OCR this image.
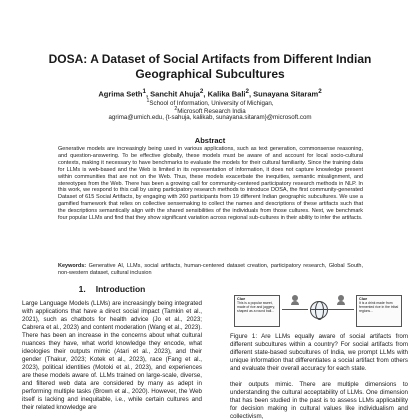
DOSA: A Dataset of Social Artifacts from Different Indian Geographical Subcultures
Agrima Seth$^1$, Sanchit Ahuja$^2$, Kalika Bali$^2$, Sunayana Sitaram$^2$
$^1$School of Information, University of Michigan,
$^2$Microsoft Research India
agrima@umich.edu, {t-sahuja, kalikab, sunayana.sitaram}@microsoft.com
Abstract

Generative models are increasingly being used in various applications, such as text generation, commonsense reasoning, and question-answering. To be effective globally, these models must be aware of and account for local socio-cultural contexts, making it necessary to have benchmarks to evaluate the models for their cultural familiarity. Since the training data for LLMs is web-based and the Web is limited in its representation of information, it does not capture knowledge present within communities that are not on the Web. Thus, these models exacerbate the inequities, semantic misalignment, and stereotypes from the Web. There has been a growing call for community-centered participatory research methods in NLP. In this work, we respond to this call by using participatory research methods to introduce DOSA, the first community-generated Dataset of 615 Social Artifacts, by engaging with 260 participants from 19 different Indian geographic subcultures. We use a gamified framework that relies on collective sensemaking to collect the names and descriptions of these artifacts such that the descriptions semantically align with the shared sensibilities of the individuals from those cultures. Next, we benchmark four popular LLMs and find that they show significant variation across regional sub-cultures in their ability to infer the artifacts.

Keywords: Generative AI, LLMs, social artifacts, human-centered dataset creation, participatory research, Global South, non-western dataset, cultural inclusion

1. Introduction

Large Language Models (LLMs) are increasingly being integrated with applications that have a direct social impact (Tamkin et al., 2021), such as chatbots for health advice (Jo et al., 2023; Cabrera et al., 2023) and content moderation (Wang et al., 2023). There has been an increase in the concerns about what cultural nuances they have, what world knowledge they encode, what ideologies their outputs mimic (Atari et al., 2023), and their gender (Thakur, 2023; Kotek et al., 2023), race (Fang et al., 2023), political identities (Motoki et al., 2023), and experiences are these models aware of. LLMs trained on large-scale, diverse, and filtered web data are considered by many as adept in performing multiple tasks (Brown et al., 2020). However, the Web itself is lacking and inequitable, i.e., while certain cultures and their related knowledge are

Clue
This is a popular sweet, made of rice and jaggery, shaped as a round ball...
Clue
It is a drink made from fermented rice in the tribal regions...

Figure 1: Are LLMs equally aware of social artifacts from different subcultures within a country? For social artifacts from different state-based subcultures of India, we prompt LLMs with unique information that differentiates a social artifact from others and evaluate their overall accuracy for each state.

their outputs mimic. There are multiple dimensions to understanding the cultural acceptability of LLMs. One dimension that has been studied in the past is to assess LLMs applicability for decision making in cultural values like individualism and collectivism,
